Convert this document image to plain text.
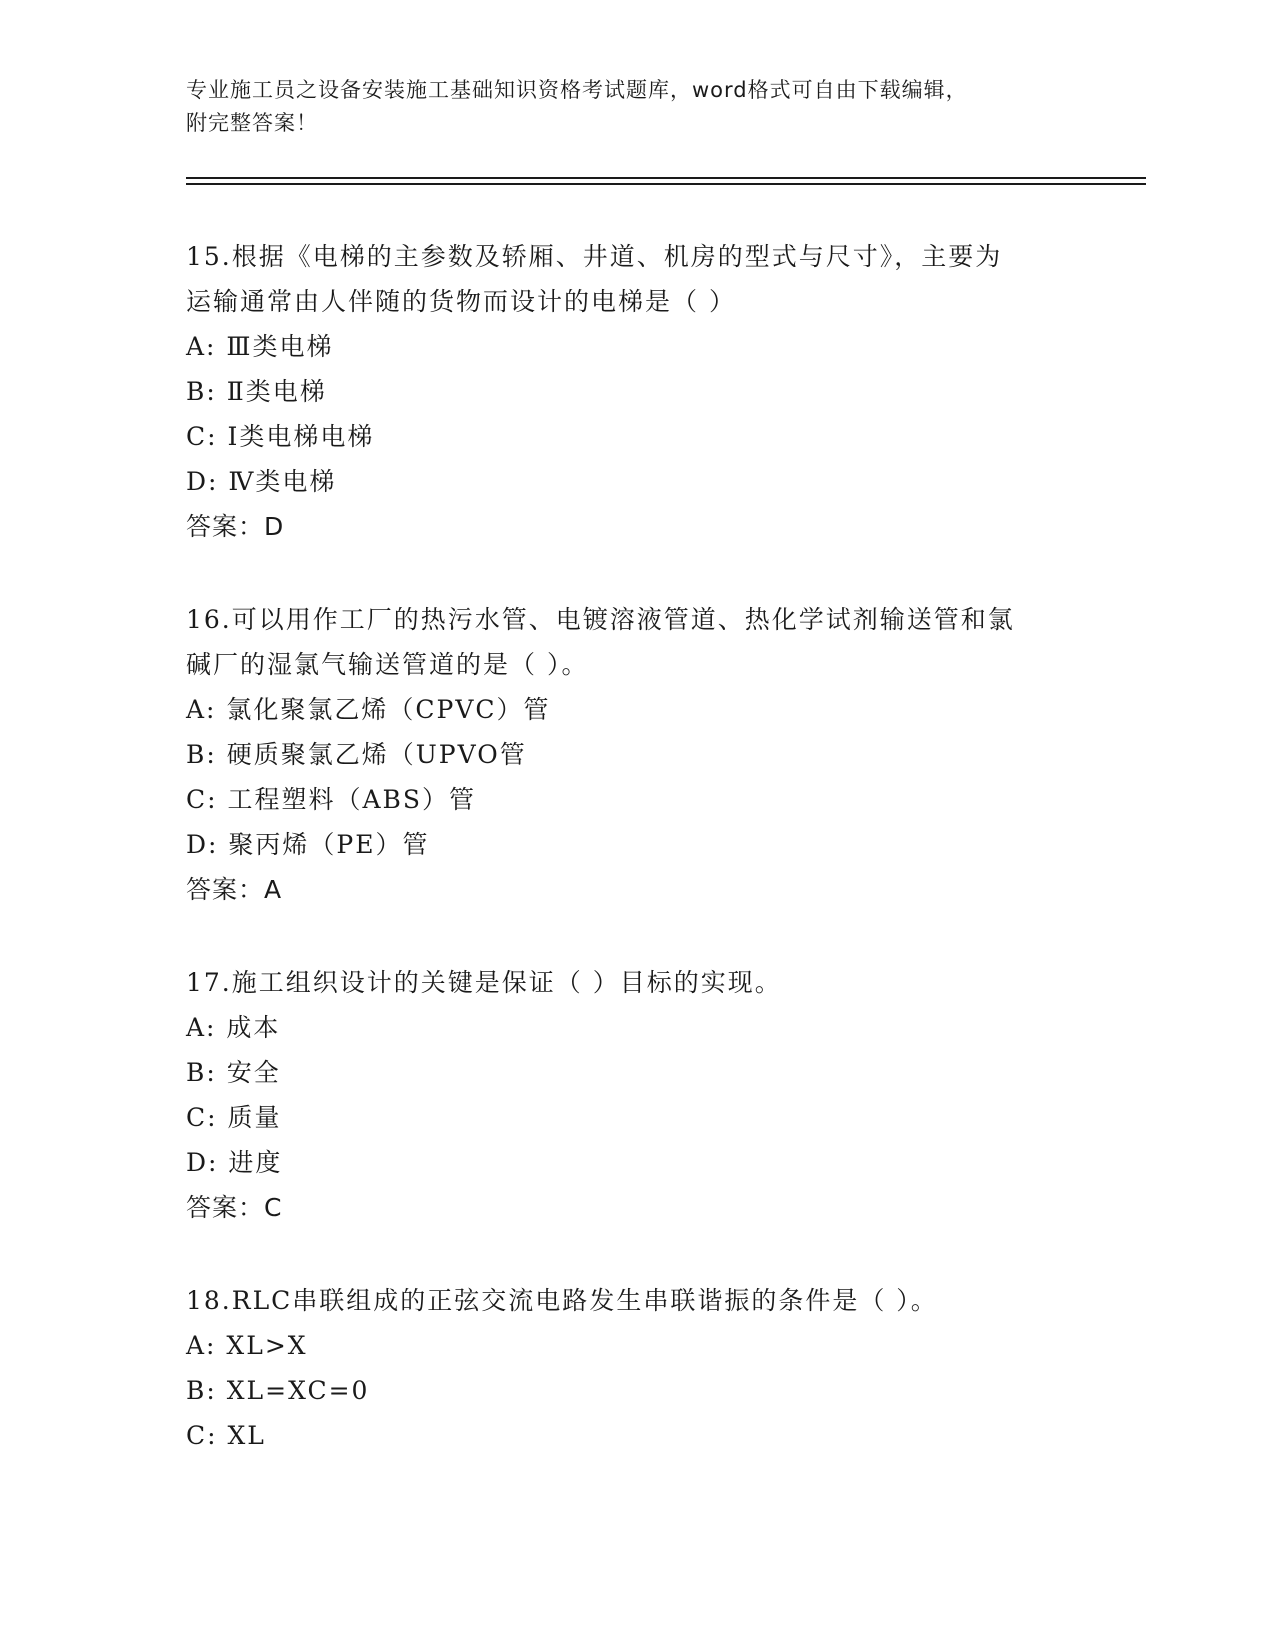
专业施工员之设备安装施工基础知识资格考试题库，word格式可自由下载编辑，
附完整答案！

15.根据《电梯的主参数及轿厢、井道、机房的型式与尺寸》，主要为

运输通常由人伴随的货物而设计的电梯是（ ）

A: Ⅲ类电梯

B: Ⅱ类电梯

C: Ⅰ类电梯电梯

D: Ⅳ类电梯

答案：D

16.可以用作工厂的热污水管、电镀溶液管道、热化学试剂输送管和氯

碱厂的湿氯气输送管道的是（ ）。

A: 氯化聚氯乙烯（CPVC）管

B: 硬质聚氯乙烯（UPVO管

C: 工程塑料（ABS）管

D: 聚丙烯（PE）管

答案：A

17.施工组织设计的关键是保证（ ）目标的实现。

A: 成本

B: 安全

C: 质量

D: 进度

答案：C

18.RLC串联组成的正弦交流电路发生串联谐振的条件是（ ）。

A: XL>X

B: XL=XC=0

C: XL
